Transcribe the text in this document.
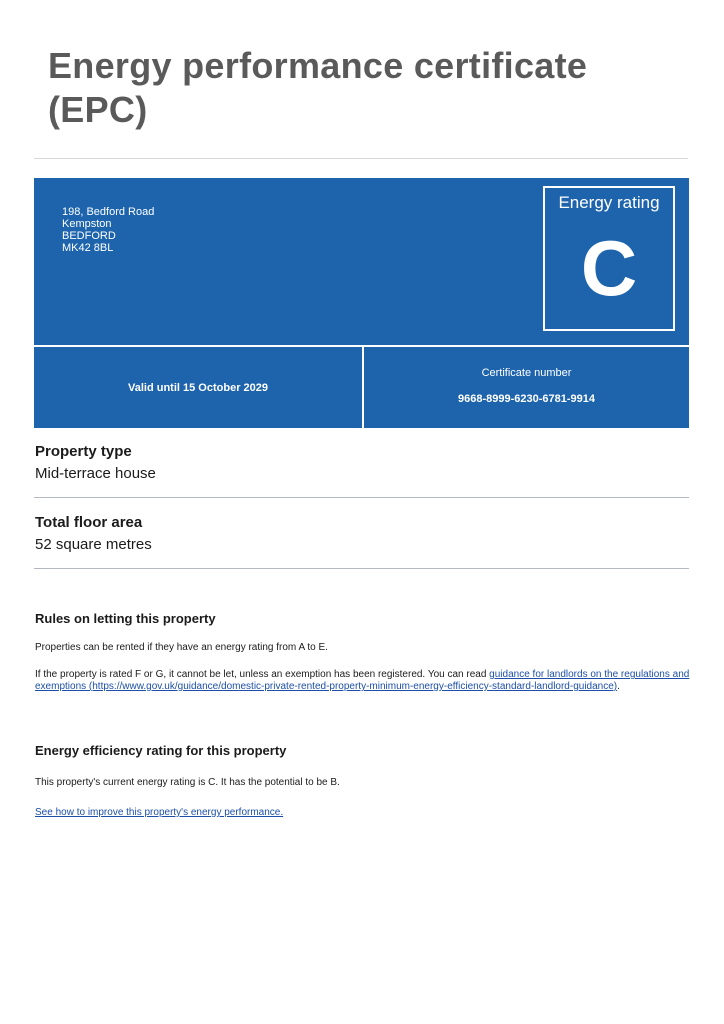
Energy performance certificate (EPC)
198, Bedford Road
Kempston
BEDFORD
MK42 8BL
Energy rating
C
Valid until 15 October 2029
Certificate number
9668-8999-6230-6781-9914

Property type

Mid-terrace house

Total floor area

52 square metres

Rules on letting this property

Properties can be rented if they have an energy rating from A to E.

If the property is rated F or G, it cannot be let, unless an exemption has been registered. You can read guidance for landlords on the regulations and exemptions (https://www.gov.uk/guidance/domestic-private-rented-property-minimum-energy-efficiency-standard-landlord-guidance).

Energy efficiency rating for this property

This property's current energy rating is C. It has the potential to be B.

See how to improve this property's energy performance.
